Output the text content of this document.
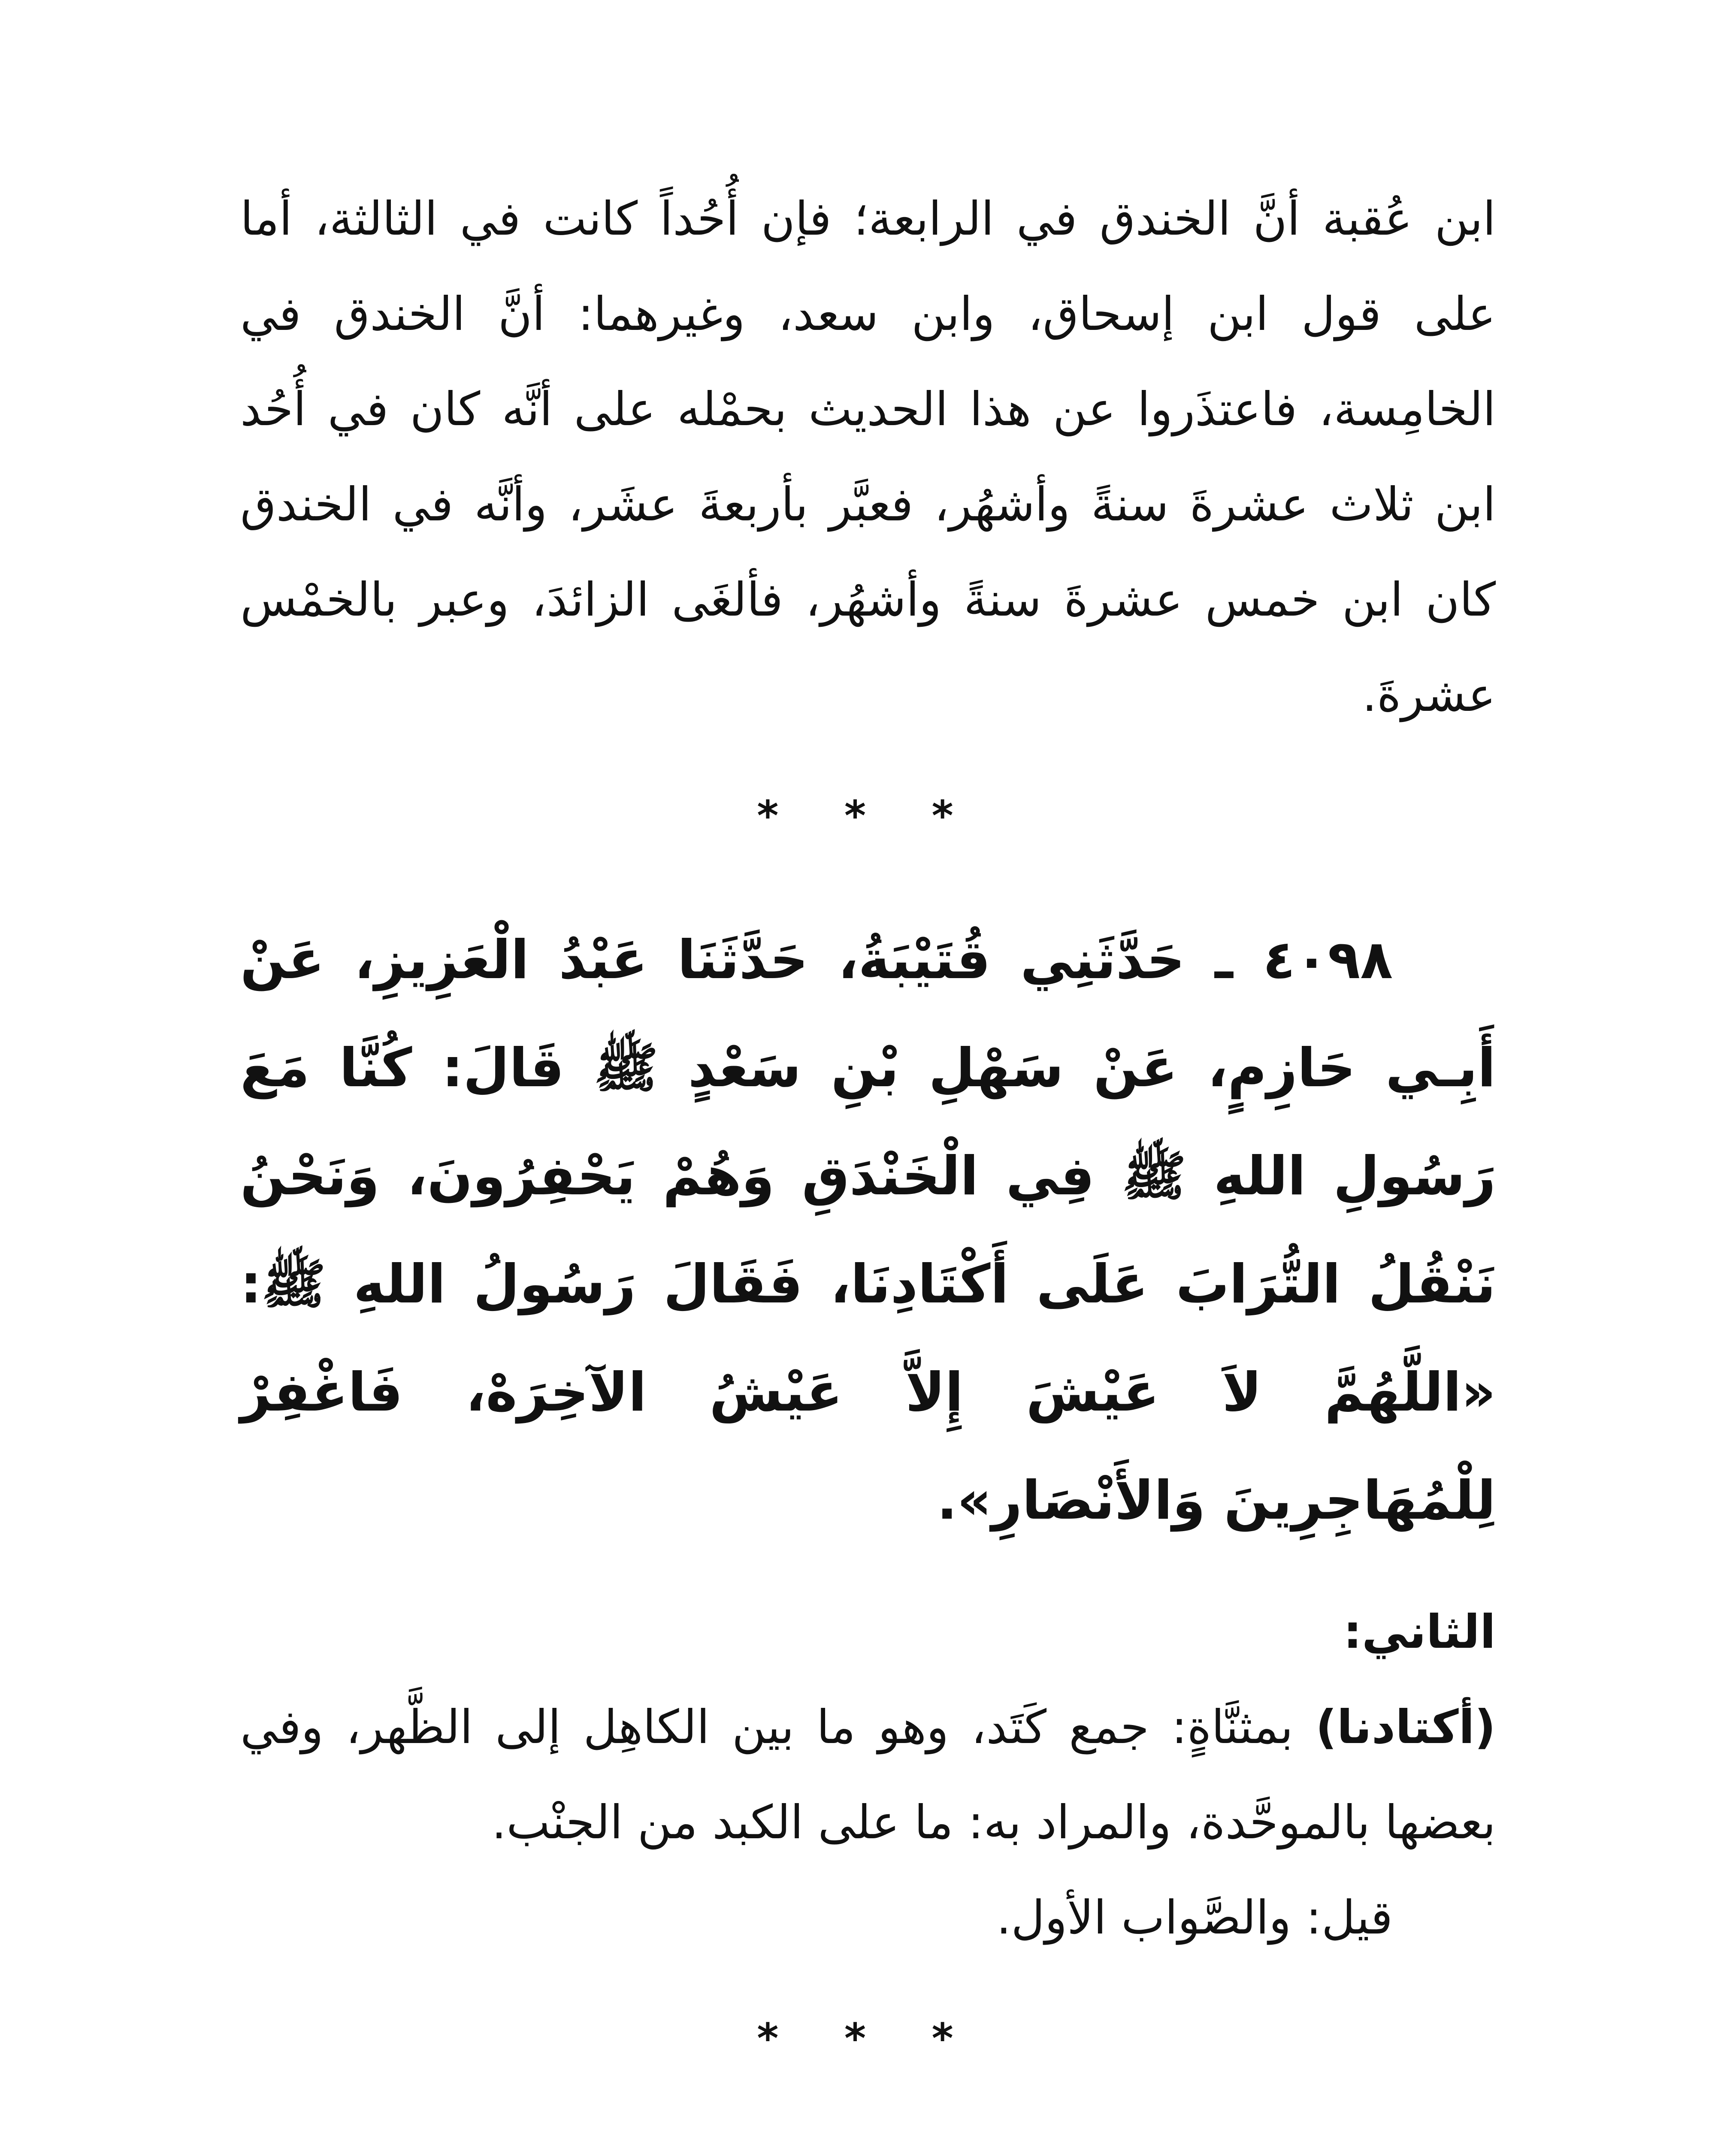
ابن عُقبة أنَّ الخندق في الرابعة؛ فإن أُحُداً كانت في الثالثة، أما على قول ابن إسحاق، وابن سعد، وغيرهما: أنَّ الخندق في الخامِسة، فاعتذَروا عن هذا الحديث بحمْله على أنَّه كان في أُحُد ابن ثلاث عشرةَ سنةً وأشهُر، فعبَّر بأربعةَ عشَر، وأنَّه في الخندق كان ابن خمس عشرةَ سنةً وأشهُر، فألغَى الزائدَ، وعبر بالخمْس عشرةَ.

* * *

٤٠٩٨ ـ حَدَّثَنِي قُتَيْبَةُ، حَدَّثَنَا عَبْدُ الْعَزِيزِ، عَنْ أَبِـي حَازِمٍ، عَنْ سَهْلِ بْنِ سَعْدٍ ﷺ قَالَ: كُنَّا مَعَ رَسُولِ اللهِ ﷺ فِي الْخَنْدَقِ وَهُمْ يَحْفِرُونَ، وَنَحْنُ نَنْقُلُ التُّرَابَ عَلَى أَكْتَادِنَا، فَقَالَ رَسُولُ اللهِ ﷺ: «اللَّهُمَّ لاَ عَيْشَ إِلاَّ عَيْشُ الآخِرَهْ، فَاغْفِرْ لِلْمُهَاجِرِينَ وَالأَنْصَارِ».

الثاني:

(أكتادنا) بمثنَّاةٍ: جمع كَتَد، وهو ما بين الكاهِل إلى الظَّهر، وفي بعضها بالموحَّدة، والمراد به: ما على الكبد من الجنْب.

قيل: والصَّواب الأول.

* * *
